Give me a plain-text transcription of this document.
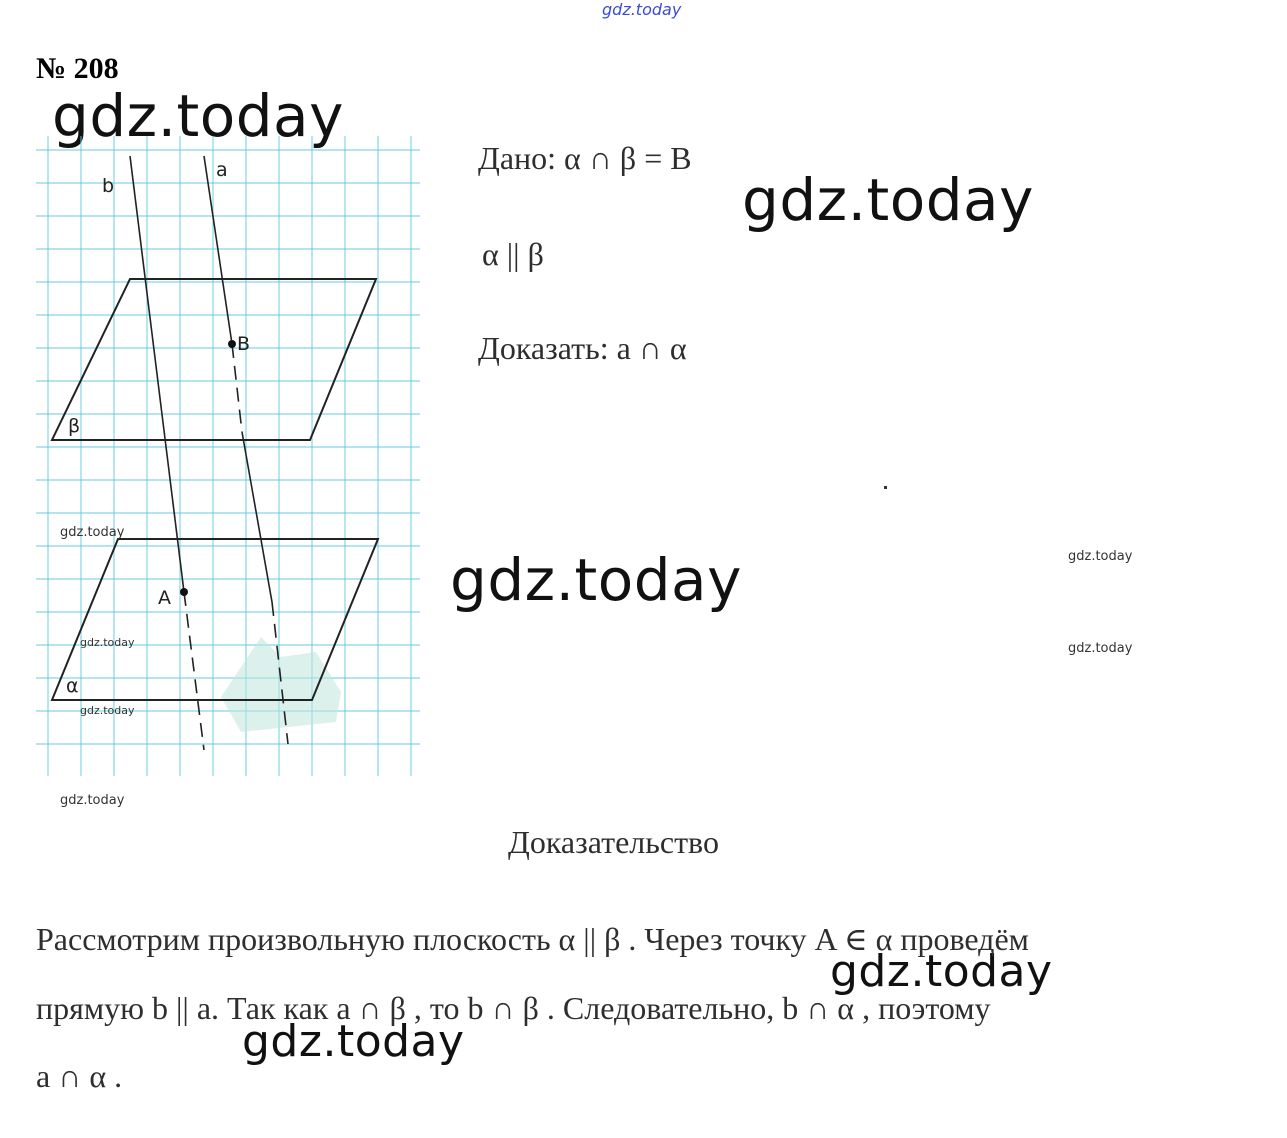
gdz.today
№ 208
gdz.today
gdz.today
gdz.today
gdz.today
gdz.today
b
a
B
A
β
α
gdz.today
gdz.today
gdz.today
gdz.today
gdz.today
gdz.today
Дано: α ∩ β = B
α || β
Доказать: a ∩ α
Доказательство
Рассмотрим произвольную плоскость α || β . Через точку A ∈ α проведём
прямую b || a. Так как a ∩ β , то b ∩ β . Следовательно, b ∩ α , поэтому
a ∩ α .
